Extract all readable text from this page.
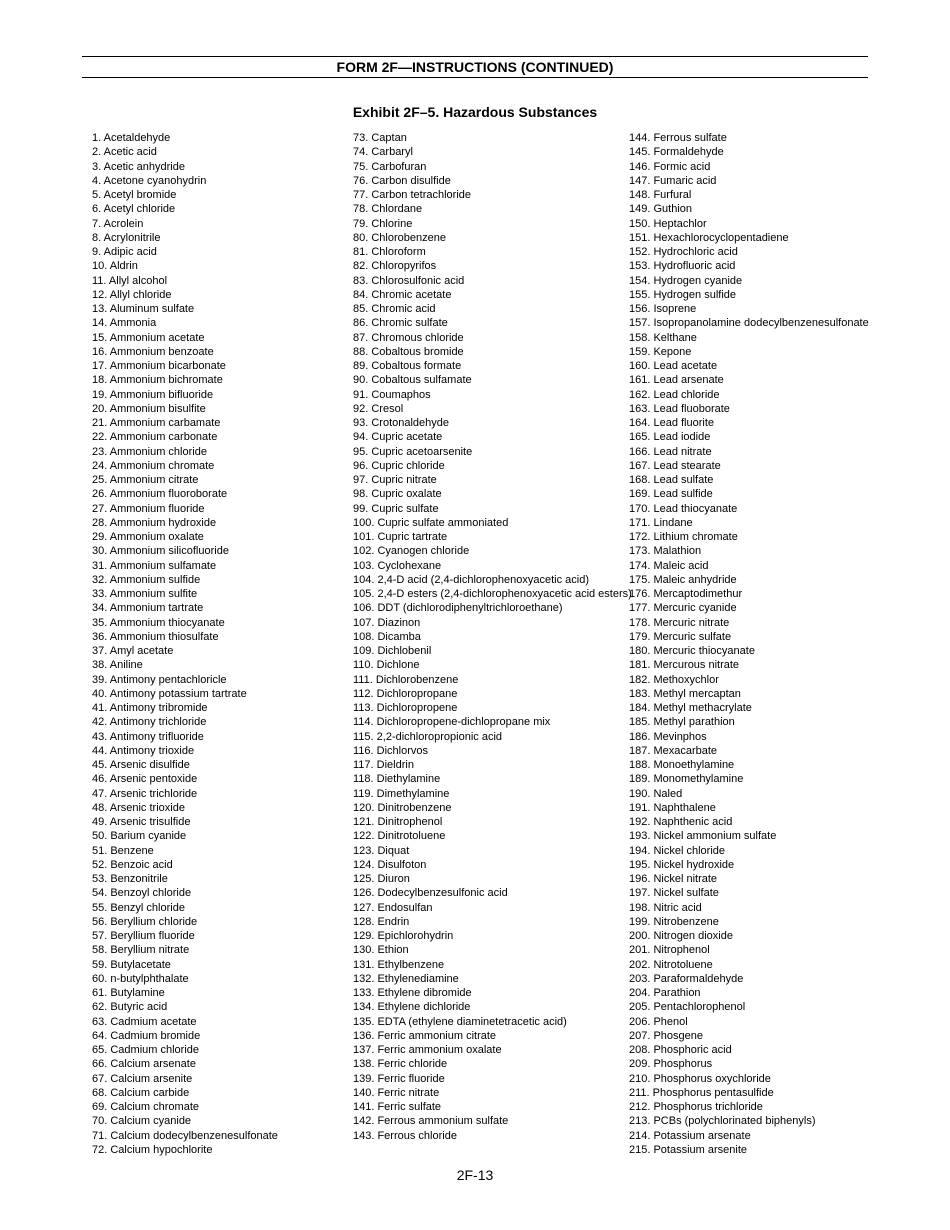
FORM 2F—INSTRUCTIONS (CONTINUED)
Exhibit 2F–5. Hazardous Substances
1. Acetaldehyde
2. Acetic acid
3. Acetic anhydride
4. Acetone cyanohydrin
5. Acetyl bromide
6. Acetyl chloride
7. Acrolein
8. Acrylonitrile
9. Adipic acid
10. Aldrin
11. Allyl alcohol
12. Allyl chloride
13. Aluminum sulfate
14. Ammonia
15. Ammonium acetate
16. Ammonium benzoate
17. Ammonium bicarbonate
18. Ammonium bichromate
19. Ammonium bifluoride
20. Ammonium bisulfite
21. Ammonium carbamate
22. Ammonium carbonate
23. Ammonium chloride
24. Ammonium chromate
25. Ammonium citrate
26. Ammonium fluoroborate
27. Ammonium fluoride
28. Ammonium hydroxide
29. Ammonium oxalate
30. Ammonium silicofluoride
31. Ammonium sulfamate
32. Ammonium sulfide
33. Ammonium sulfite
34. Ammonium tartrate
35. Ammonium thiocyanate
36. Ammonium thiosulfate
37. Amyl acetate
38. Aniline
39. Antimony pentachloricle
40. Antimony potassium tartrate
41. Antimony tribromide
42. Antimony trichloride
43. Antimony trifluoride
44. Antimony trioxide
45. Arsenic disulfide
46. Arsenic pentoxide
47. Arsenic trichloride
48. Arsenic trioxide
49. Arsenic trisulfide
50. Barium cyanide
51. Benzene
52. Benzoic acid
53. Benzonitrile
54. Benzoyl chloride
55. Benzyl chloride
56. Beryllium chloride
57. Beryllium fluoride
58. Beryllium nitrate
59. Butylacetate
60. n-butylphthalate
61. Butylamine
62. Butyric acid
63. Cadmium acetate
64. Cadmium bromide
65. Cadmium chloride
66. Calcium arsenate
67. Calcium arsenite
68. Calcium carbide
69. Calcium chromate
70. Calcium cyanide
71. Calcium dodecylbenzenesulfonate
72. Calcium hypochlorite
73. Captan
74. Carbaryl
75. Carbofuran
76. Carbon disulfide
77. Carbon tetrachloride
78. Chlordane
79. Chlorine
80. Chlorobenzene
81. Chloroform
82. Chloropyrifos
83. Chlorosulfonic acid
84. Chromic acetate
85. Chromic acid
86. Chromic sulfate
87. Chromous chloride
88. Cobaltous bromide
89. Cobaltous formate
90. Cobaltous sulfamate
91. Coumaphos
92. Cresol
93. Crotonaldehyde
94. Cupric acetate
95. Cupric acetoarsenite
96. Cupric chloride
97. Cupric nitrate
98. Cupric oxalate
99. Cupric sulfate
100. Cupric sulfate ammoniated
101. Cupric tartrate
102. Cyanogen chloride
103. Cyclohexane
104. 2,4-D acid (2,4-dichlorophenoxyacetic acid)
105. 2,4-D esters (2,4-dichlorophenoxyacetic acid esters)
106. DDT (dichlorodiphenyltrichloroethane)
107. Diazinon
108. Dicamba
109. Dichlobenil
110. Dichlone
111. Dichlorobenzene
112. Dichloropropane
113. Dichloropropene
114. Dichloropropene-dichlopropane mix
115. 2,2-dichloropropionic acid
116. Dichlorvos
117. Dieldrin
118. Diethylamine
119. Dimethylamine
120. Dinitrobenzene
121. Dinitrophenol
122. Dinitrotoluene
123. Diquat
124. Disulfoton
125. Diuron
126. Dodecylbenzesulfonic acid
127. Endosulfan
128. Endrin
129. Epichlorohydrin
130. Ethion
131. Ethylbenzene
132. Ethylenediamine
133. Ethylene dibromide
134. Ethylene dichloride
135. EDTA (ethylene diaminetetracetic acid)
136. Ferric ammonium citrate
137. Ferric ammonium oxalate
138. Ferric chloride
139. Ferric fluoride
140. Ferric nitrate
141. Ferric sulfate
142. Ferrous ammonium sulfate
143. Ferrous chloride
144. Ferrous sulfate
145. Formaldehyde
146. Formic acid
147. Fumaric acid
148. Furfural
149. Guthion
150. Heptachlor
151. Hexachlorocyclopentadiene
152. Hydrochloric acid
153. Hydrofluoric acid
154. Hydrogen cyanide
155. Hydrogen sulfide
156. Isoprene
157. Isopropanolamine dodecylbenzenesulfonate
158. Kelthane
159. Kepone
160. Lead acetate
161. Lead arsenate
162. Lead chloride
163. Lead fluoborate
164. Lead fluorite
165. Lead iodide
166. Lead nitrate
167. Lead stearate
168. Lead sulfate
169. Lead sulfide
170. Lead thiocyanate
171. Lindane
172. Lithium chromate
173. Malathion
174. Maleic acid
175. Maleic anhydride
176. Mercaptodimethur
177. Mercuric cyanide
178. Mercuric nitrate
179. Mercuric sulfate
180. Mercuric thiocyanate
181. Mercurous nitrate
182. Methoxychlor
183. Methyl mercaptan
184. Methyl methacrylate
185. Methyl parathion
186. Mevinphos
187. Mexacarbate
188. Monoethylamine
189. Monomethylamine
190. Naled
191. Naphthalene
192. Naphthenic acid
193. Nickel ammonium sulfate
194. Nickel chloride
195. Nickel hydroxide
196. Nickel nitrate
197. Nickel sulfate
198. Nitric acid
199. Nitrobenzene
200. Nitrogen dioxide
201. Nitrophenol
202. Nitrotoluene
203. Paraformaldehyde
204. Parathion
205. Pentachlorophenol
206. Phenol
207. Phosgene
208. Phosphoric acid
209. Phosphorus
210. Phosphorus oxychloride
211. Phosphorus pentasulfide
212. Phosphorus trichloride
213. PCBs (polychlorinated biphenyls)
214. Potassium arsenate
215. Potassium arsenite
2F-13
